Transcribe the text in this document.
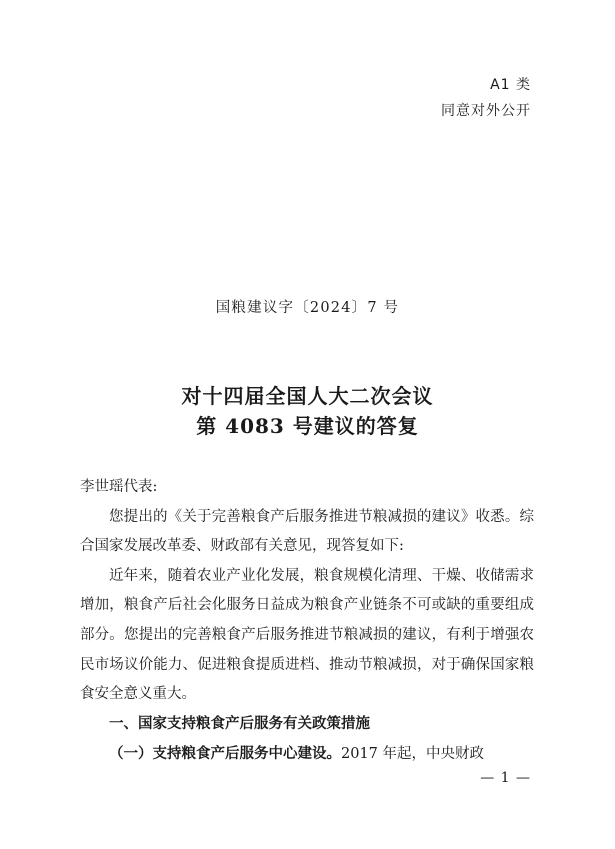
A1 类
同意对外公开
国粮建议字〔2024〕7 号
对十四届全国人大二次会议
第 4083 号建议的答复

李世瑶代表:

您提出的《关于完善粮食产后服务推进节粮减损的建议》收悉。综合国家发展改革委、财政部有关意见，现答复如下:

近年来，随着农业产业化发展，粮食规模化清理、干燥、收储需求增加，粮食产后社会化服务日益成为粮食产业链条不可或缺的重要组成部分。您提出的完善粮食产后服务推进节粮减损的建议，有利于增强农民市场议价能力、促进粮食提质进档、推动节粮减损，对于确保国家粮食安全意义重大。

一、国家支持粮食产后服务有关政策措施

（一）支持粮食产后服务中心建设。2017 年起，中央财政

— 1 —
